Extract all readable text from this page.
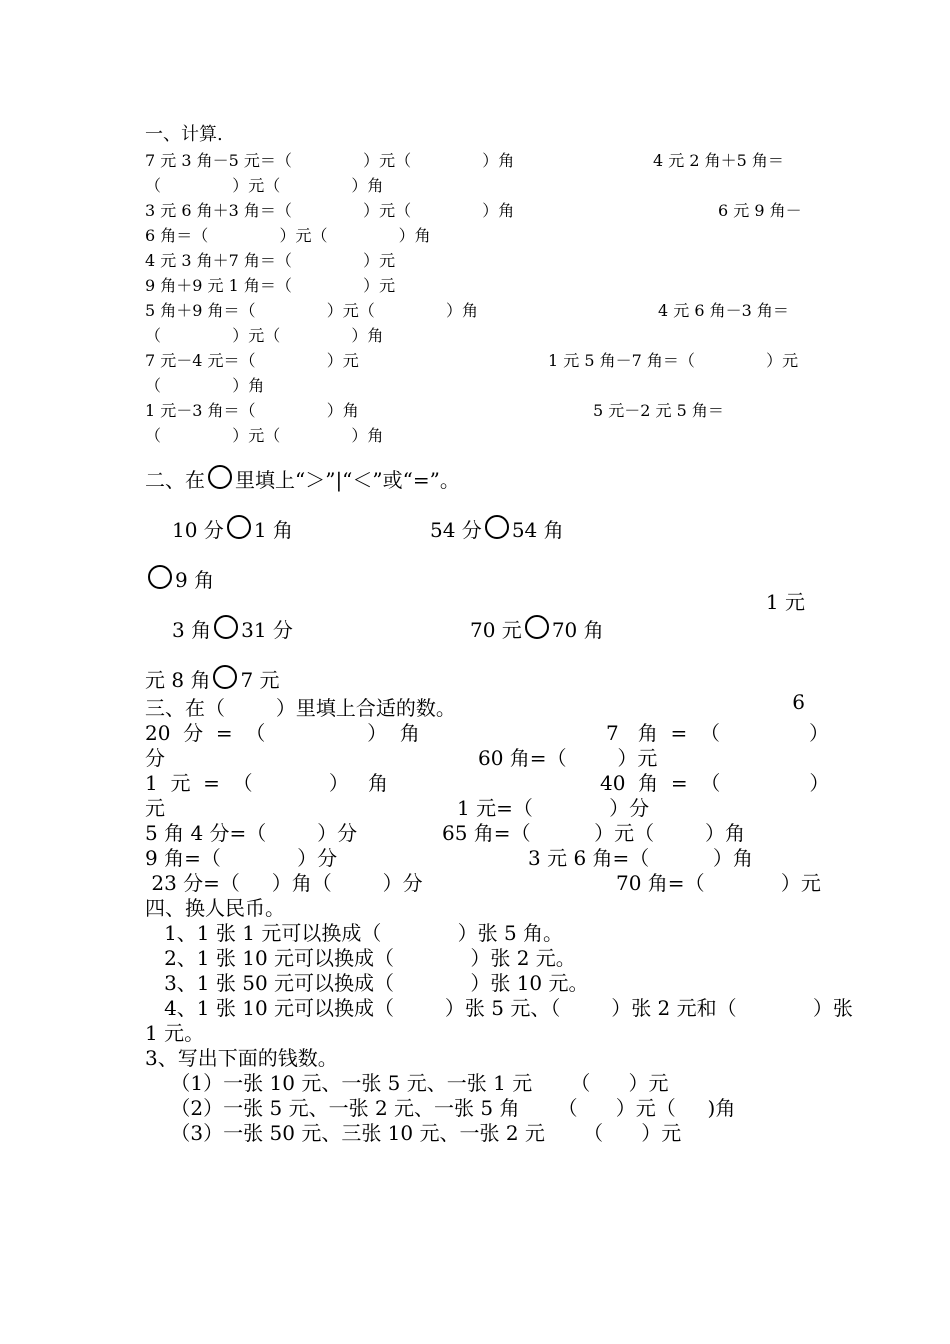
一、计算.
7 元 3 角－5 元＝（              ）元（              ）角	4 元 2 角＋5 角＝
（              ）元（              ）角
3 元 6 角＋3 角＝（              ）元（              ）角	6 元 9 角－
6 角＝（              ）元（              ）角
4 元 3 角＋7 角＝（              ）元
9 角＋9 元 1 角＝（              ）元
5 角＋9 角＝（              ）元（              ）角	4 元 6 角－3 角＝
（              ）元（              ）角
7 元－4 元＝（              ）元	1 元 5 角－7 角＝（              ）元
（              ）角
1 元－3 角＝（              ）角	5 元－2 元 5 角＝
（              ）元（              ）角
二、在 里填上“＞”|“＜”或“=”。

10 分 1 角

	54 分 54 角

1 元

9 角

3 角 31 分

	70 元 70 角

6

元 8 角 7 元
三、在（        ）里填上合适的数。
20  分  =  （                ）  角	7   角  =  （              ）
分	60 角=（        ）元
1  元  =  （            ）   角	40  角  =  （              ）
元	1 元=（            ）分
5 角 4 分=（        ）分	65 角=（          ）元（        ）角
9 角=（            ）分	3 元 6 角=（          ）角
23 分=（     ）角（        ）分	70 角=（            ）元
四、换人民币。
1、1 张 1 元可以换成（            ）张 5 角。
2、1 张 10 元可以换成（            ）张 2 元。
3、1 张 50 元可以换成（            ）张 10 元。
4、1 张 10 元可以换成（        ）张 5 元、（        ）张 2 元和（            ）张
1 元。
3、写出下面的钱数。
（1）一张 10 元、一张 5 元、一张 1 元      （      ）元
（2）一张 5 元、一张 2 元、一张 5 角      （      ）元（     )角
（3）一张 50 元、三张 10 元、一张 2 元      （      ）元
